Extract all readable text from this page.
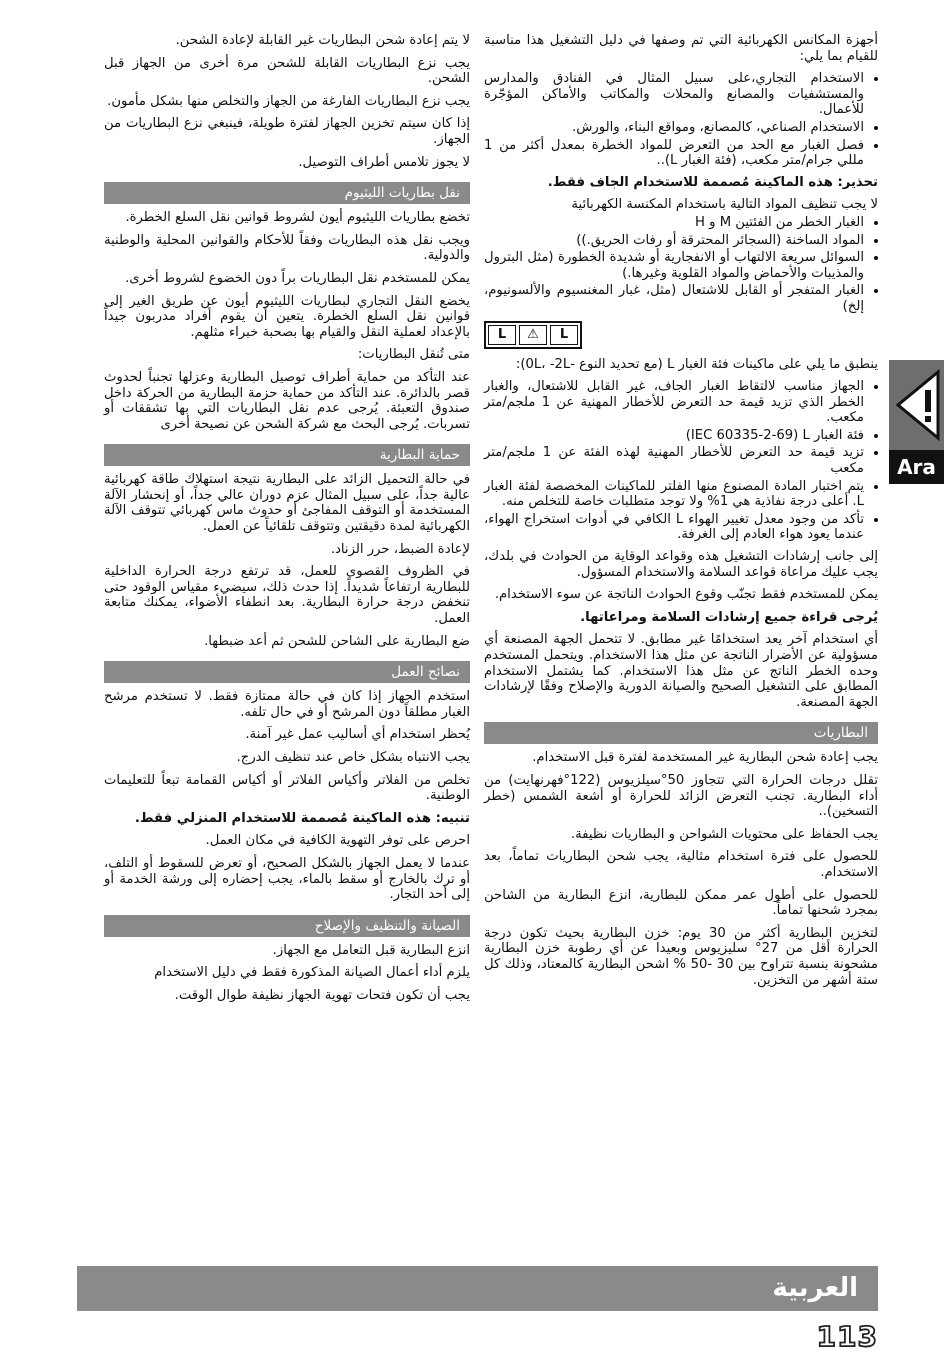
أجهزة المكانس الكهربائية التي تم وصفها في دليل التشغيل هذا مناسبة للقيام بما يلي:

• الاستخدام التجاري،على سبيل المثال في الفنادق والمدارس والمستشفيات والمصانع والمحلات والمكاتب والأماكن المؤجّرة للأعمال.
• الاستخدام الصناعي، كالمصانع، ومواقع البناء، والورش.
• فصل الغبار مع الحد من التعرض للمواد الخطرة بمعدل أكثر من 1 مللي جرام/متر مكعب، (فئة الغبار L)..

تحذير: هذه الماكينة مُصممة للاستخدام الجاف فقط.

لا يجب تنظيف المواد التالية باستخدام المكنسة الكهربائية

• الغبار الخطر من الفئتين M و H
• المواد الساخنة (السجائر المحترقة أو رفات الحريق.))
• السوائل سريعة الالتهاب أو الانفجارية أو شديدة الخطورة (مثل البترول والمذيبات والأحماض والمواد القلوية وغيرها.)
• الغبار المتفجر أو القابل للاشتعال (مثل، غبار المغنسيوم والألسونيوم، إلخ)
L
⚠
L

ينطبق ما يلي على ماكينات فئة الغبار L (مع تحديد النوع -0L، -2L):

• الجهاز مناسب لالتقاط الغبار الجاف، غير القابل للاشتعال، والغبار الخطر الذي تزيد قيمة حد التعرض للأخطار المهنية عن 1 ملجم/متر مكعب.
• فئة الغبار IEC 60335-2-69) L)
• تزيد قيمة حد التعرض للأخطار المهنية لهذه الفئة عن 1 ملجم/متر مكعب
• يتم اختبار المادة المصنوع منها الفلتر للماكينات المخصصة لفئة الغبار L. أعلى درجة نفاذية هي 1% ولا توجد متطلبات خاصة للتخلص منه.
• تأكد من وجود معدل تغيير الهواء L الكافي في أدوات استخراج الهواء، عندما يعود هواء العادم إلى الغرفة.

إلى جانب إرشادات التشغيل هذه وقواعد الوقاية من الحوادث في بلدك، يجب عليك مراعاة قواعد السلامة والاستخدام المسؤول.

يمكن للمستخدم فقط تجنّب وقوع الحوادث الناتجة عن سوء الاستخدام.

يُرجى قراءة جميع إرشادات السلامة ومراعاتها.

أي استخدام آخر يعد استخدامًا غير مطابق. لا تتحمل الجهة المصنعة أي مسؤولية عن الأضرار الناتجة عن مثل هذا الاستخدام. ويتحمل المستخدم وحده الخطر الناتج عن مثل هذا الاستخدام. كما يشتمل الاستخدام المطابق على التشغيل الصحيح والصيانة الدورية والإصلاح وفقًا لإرشادات الجهة المصنعة.

البطاريات

يجب إعادة شحن البطارية غير المستخدمة لفترة قبل الاستخدام.

تقلل درجات الحرارة التي تتجاوز 50°سيلزيوس (122°فهرنهايت) من أداء البطارية. تجنب التعرض الزائد للحرارة أو أشعة الشمس (خطر التسخين)..

يجب الحفاظ على محتويات الشواحن و البطاريات نظيفة.

للحصول على فترة استخدام مثالية، يجب شحن البطاريات تماماً، بعد الاستخدام.

للحصول على أطول عمر ممكن للبطارية، انزع البطارية من الشاحن بمجرد شحنها تماماً.

لتخزين البطارية أكثر من 30 يوم: خزن البطارية بحيث تكون درجة الحرارة أقل من 27° سليزيوس وبعيدا عن أي رطوبة خزن البطارية مشحونة بنسبة تتراوح بين 30 -50 % اشحن البطارية كالمعتاد، وذلك كل ستة أشهر من التخزين.

لا يتم إعادة شحن البطاريات غير القابلة لإعادة الشحن.

يجب نزع البطاريات القابلة للشحن مرة أخرى من الجهاز قبل الشحن.

يجب نزع البطاريات الفارغة من الجهاز والتخلص منها بشكل مأمون.

إذا كان سيتم تخزين الجهاز لفترة طويلة، فينبغي نزع البطاريات من الجهاز.

لا يجوز تلامس أطراف التوصيل.

نقل بطاريات الليثيوم

تخضع بطاريات الليثيوم أيون لشروط قوانين نقل السلع الخطرة.

ويجب نقل هذه البطاريات وفقاً للأحكام والقوانين المحلية والوطنية والدولية.

يمكن للمستخدم نقل البطاريات براً دون الخضوع لشروط أخرى.

يخضع النقل التجاري لبطاريات الليثيوم أيون عن طريق الغير إلى قوانين نقل السلع الخطرة. يتعين أن يقوم أفراد مدربون جيداً بالإعداد لعملية النقل والقيام بها بصحبة خبراء مثلهم.

متى تُنقل البطاريات:

عند التأكد من حماية أطراف توصيل البطارية وعزلها تجنباً لحدوث قصر بالدائرة. عند التأكد من حماية حزمة البطارية من الحركة داخل صندوق التعبئة. يُرجى عدم نقل البطاريات التي بها تشققات أو تسربات. يُرجى البحث مع شركة الشحن عن نصيحة أخرى

حماية البطارية

في حالة التحميل الزائد على البطارية نتيجة استهلاك طاقة كهربائية عالية جداً، على سبيل المثال عزم دوران عالي جداً، أو إنحشار الآلة المستخدمة أو التوقف المفاجئ أو حدوث ماس كهربائي تتوقف الآلة الكهربائية لمدة دقيقتين وتتوقف تلقائياً عن العمل.

لإعادة الضبط، حرر الزناد.

في الظروف القصوى للعمل، قد ترتفع درجة الحرارة الداخلية للبطارية ارتفاعاً شديداً. إذا حدث ذلك، سيضيء مقياس الوقود حتى تنخفض درجة حرارة البطارية. بعد انطفاء الأضواء، يمكنك متابعة العمل.

ضع البطارية على الشاحن للشحن ثم أعد ضبطها.

نصائح العمل

استخدم الجهاز إذا كان في حالة ممتازة فقط. لا تستخدم مرشح الغبار مطلقاً دون المرشح أو في حال تلفه.

يُحظر استخدام أي أساليب عمل غير آمنة.

يجب الانتباه بشكل خاص عند تنظيف الدرج.

تخلص من الفلاتر وأكياس الفلاتر أو أكياس القمامة تبعاً للتعليمات الوطنية.

تنبيه: هذه الماكينة مُصممة للاستخدام المنزلي فقط.

احرص على توفر التهوية الكافية في مكان العمل.

عندما لا يعمل الجهاز بالشكل الصحيح، أو تعرض للسقوط أو التلف، أو ترك بالخارج أو سقط بالماء، يجب إحضاره إلى ورشة الخدمة أو إلى أحد التجار.

الصيانة والتنظيف والإصلاح

انزع البطارية قبل التعامل مع الجهاز.

يلزم أداء أعمال الصيانة المذكورة فقط في دليل الاستخدام

يجب أن تكون فتحات تهوية الجهاز نظيفة طوال الوقت.

Ara
العربية
113
